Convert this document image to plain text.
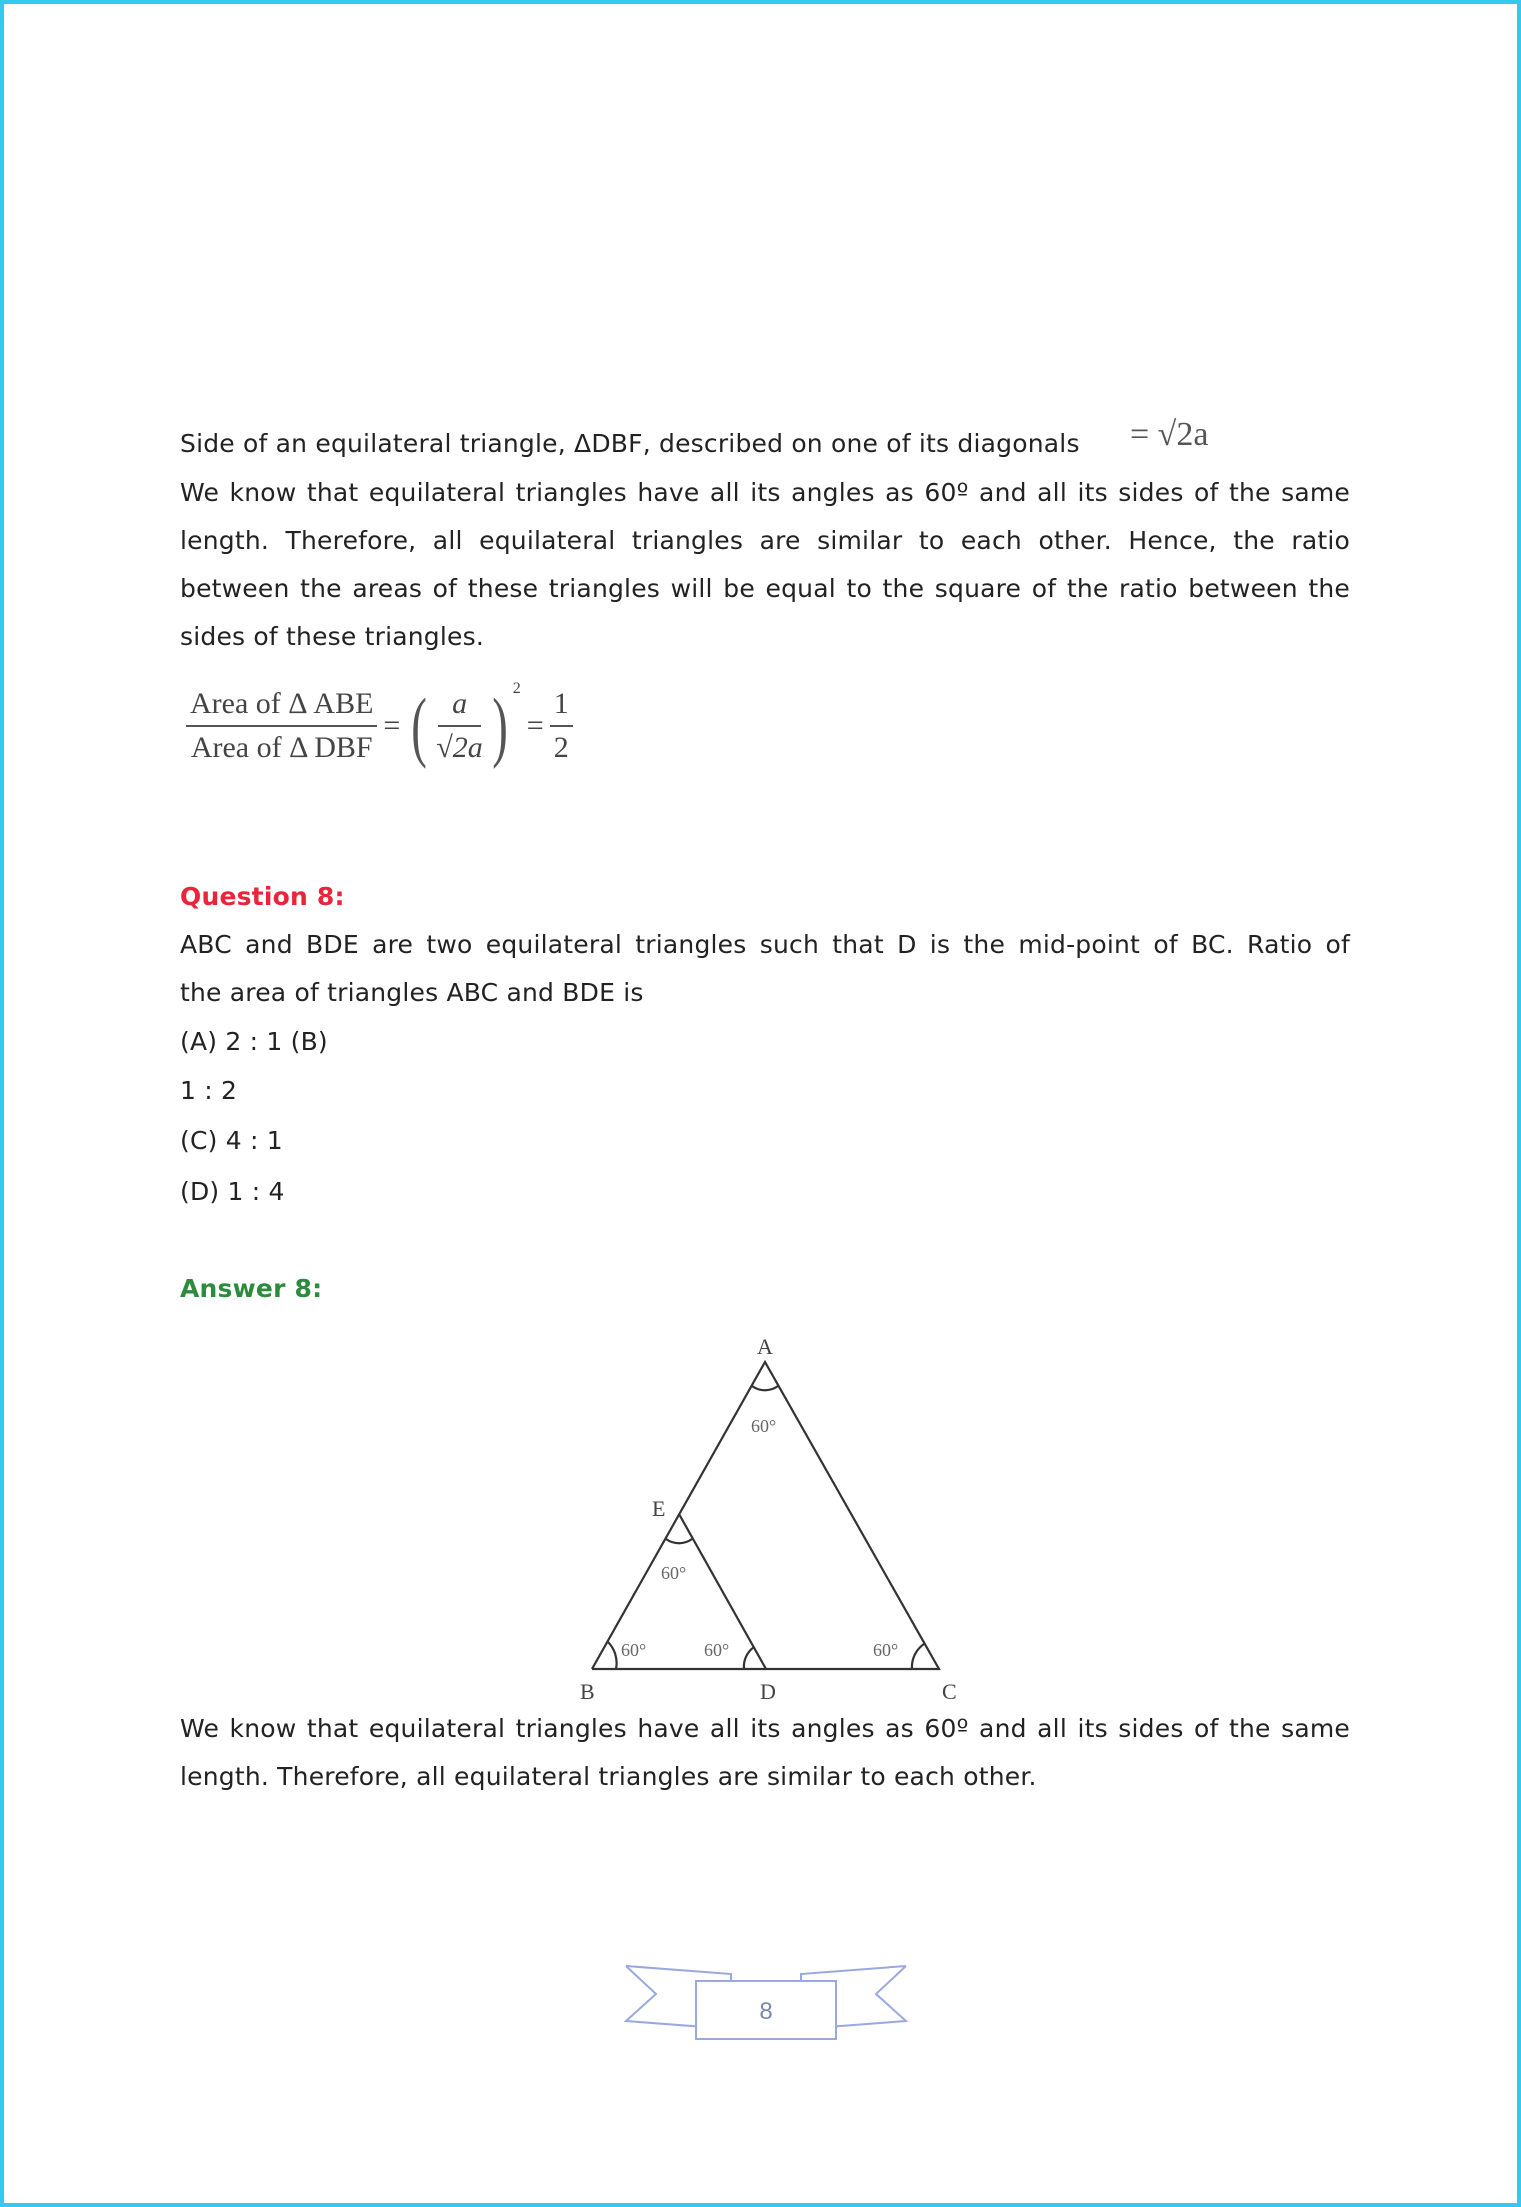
Side of an equilateral triangle, ΔDBF, described on one of its diagonals = √2a
We know that equilateral triangles have all its angles as 60º and all its sides of the same
length. Therefore, all equilateral triangles are similar to each other. Hence, the ratio
between the areas of these triangles will be equal to the square of the ratio between the
sides of these triangles.
$\frac{\text{Area of Δ ABE}}{\text{Area of Δ DBF}}$ = ( $\frac{a}{√2a}$ ) 2
= $\frac{1}{2}$
Question 8:
ABC and BDE are two equilateral triangles such that D is the mid-point of BC. Ratio of
the area of triangles ABC and BDE is
(A) 2 : 1 (B)
1 : 2
(C) 4 : 1
(D) 1 : 4
Answer 8:
A
E
B	D	C
60°
60°
60°	60°	60°
We know that equilateral triangles have all its angles as 60º and all its sides of the same
length. Therefore, all equilateral triangles are similar to each other.
8
